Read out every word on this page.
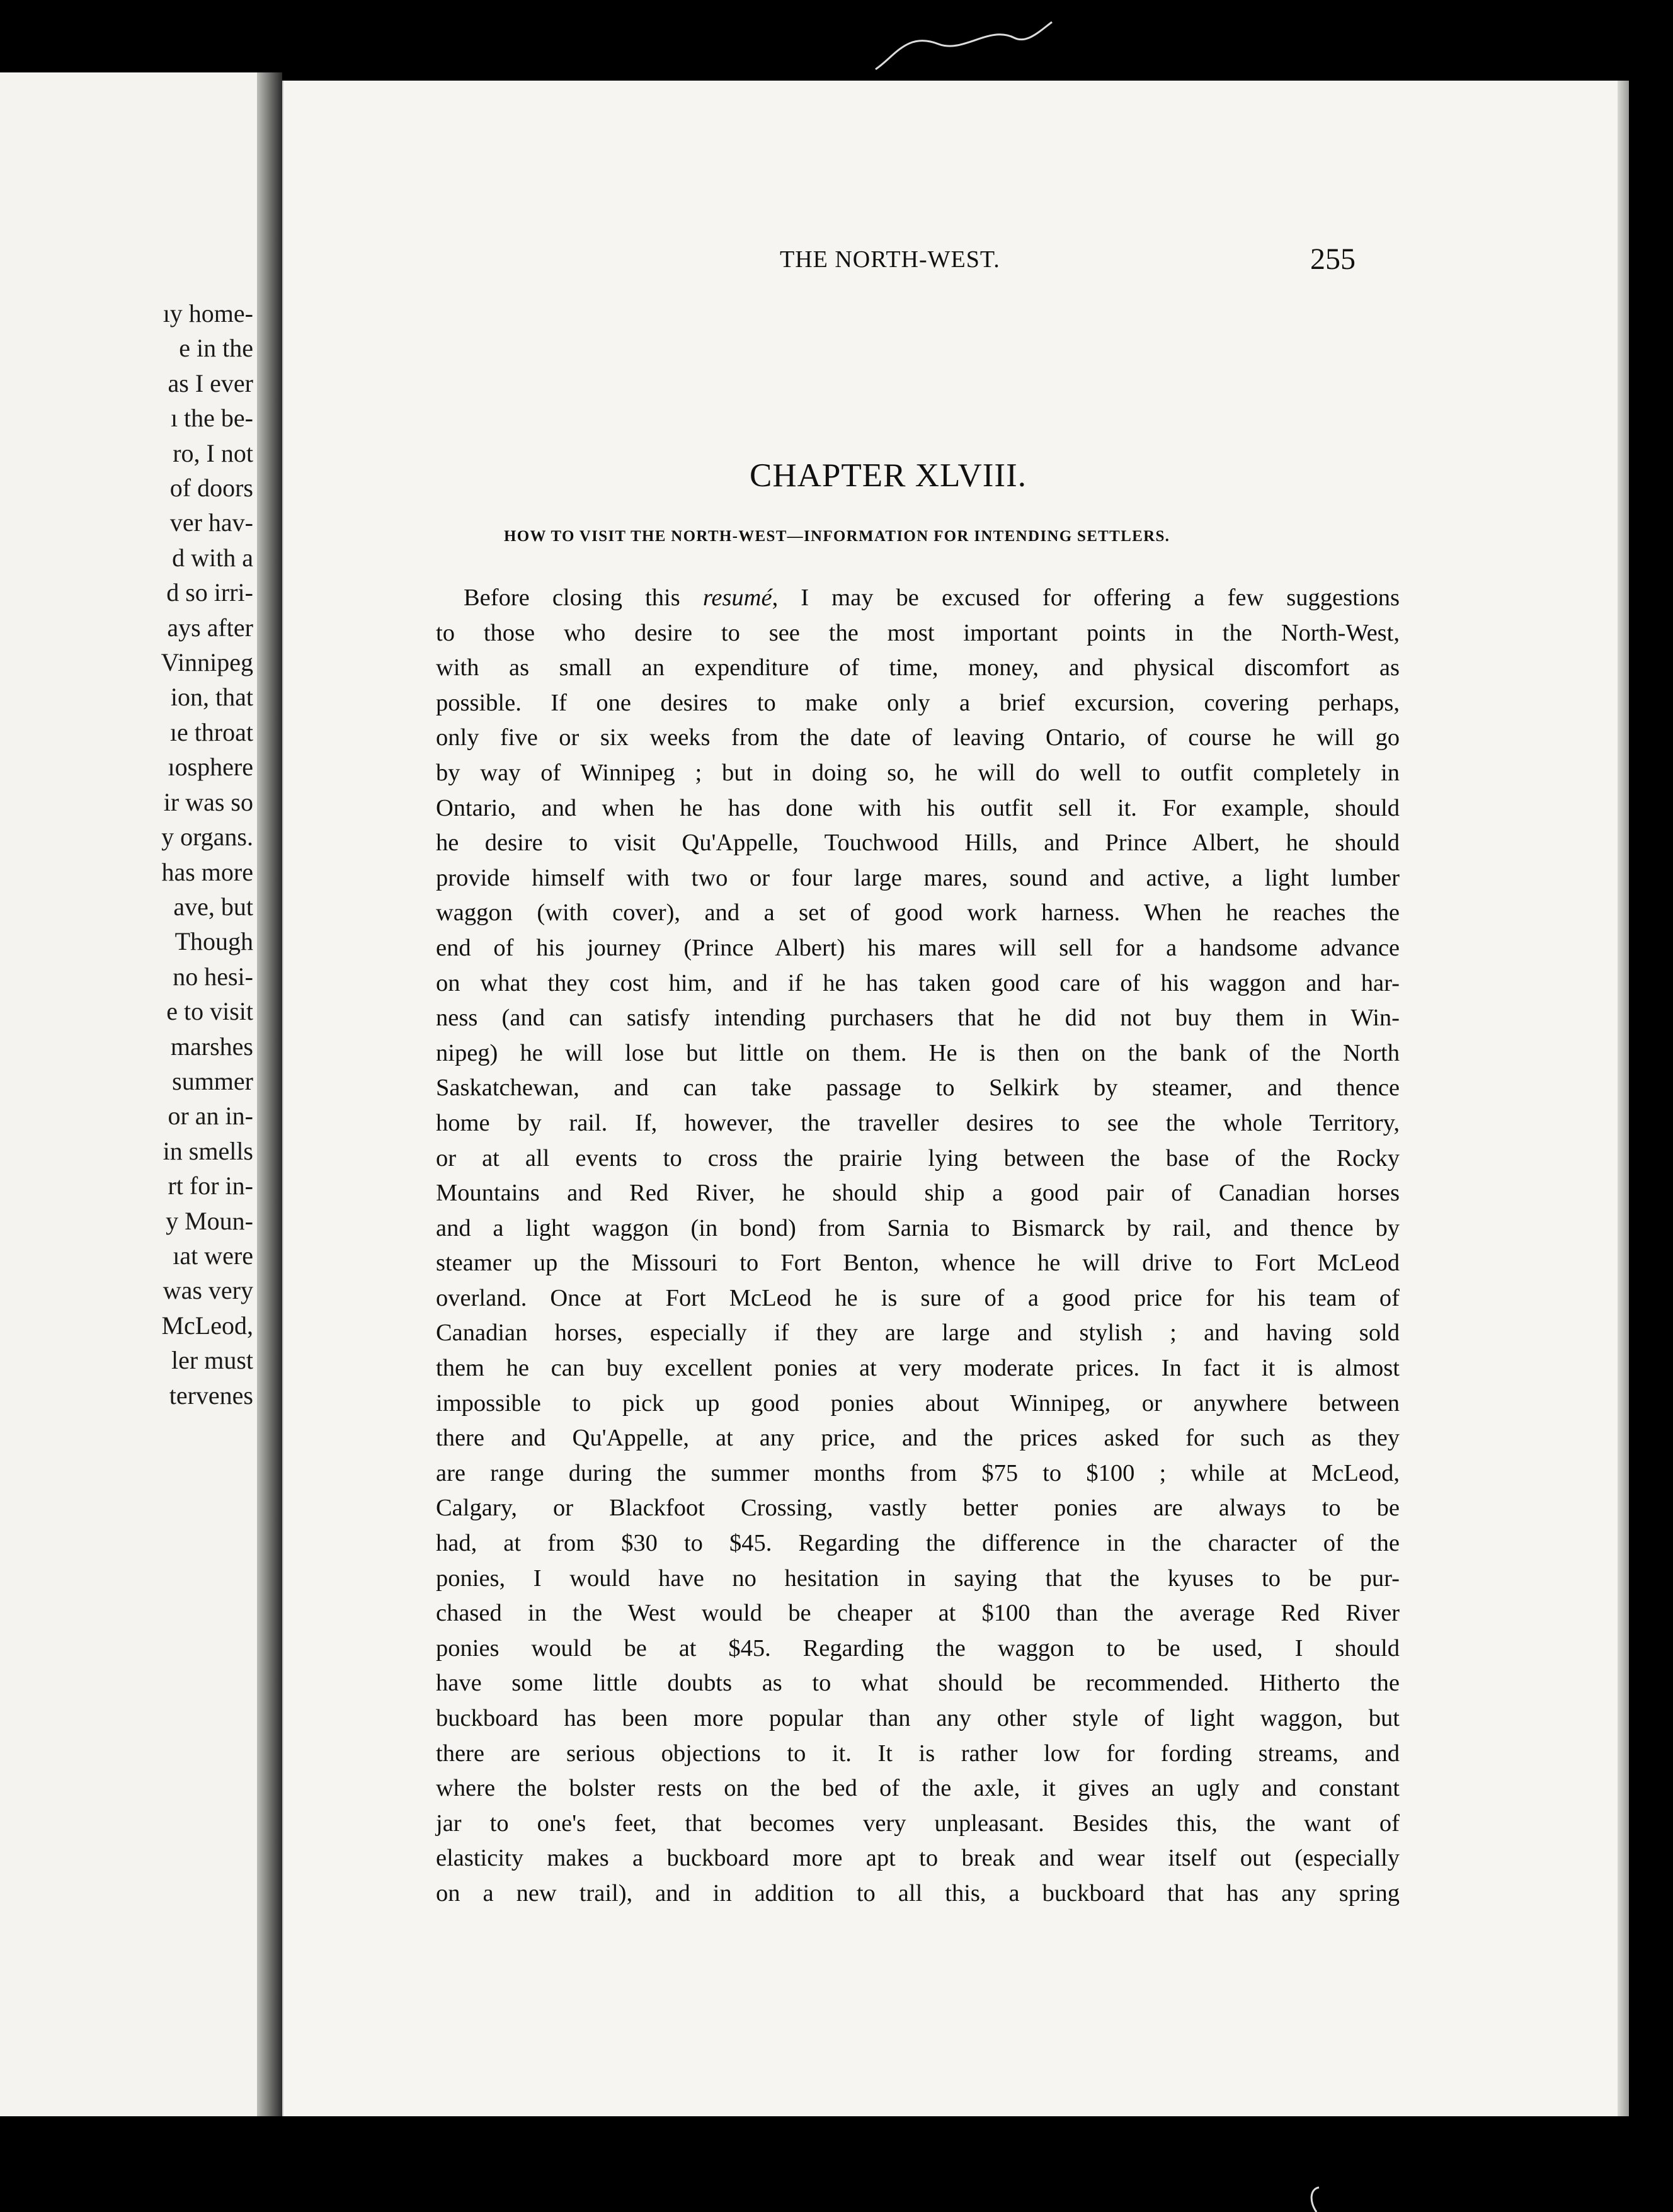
ıy home-
e in the
as I ever
ı the be-
ro, I not
of doors
ver hav-
d with a
d so irri-
ays after
Vinnipeg
ion, that
ıe throat
ıosphere
ir was so
y organs.
has more
ave, but
Though
no hesi-
e to visit
marshes
summer
or an in-
in smells
rt for in-
y Moun-
ıat were
was very
McLeod,
ler must
tervenes
THE NORTH-WEST.	255
CHAPTER XLVIII.
HOW TO VISIT THE NORTH-WEST—INFORMATION FOR INTENDING SETTLERS.
Before closing this resumé, I may be excused for offering a few suggestions
to those who desire to see the most important points in the North-West,
with as small an expenditure of time, money, and physical discomfort as
possible. If one desires to make only a brief excursion, covering perhaps,
only five or six weeks from the date of leaving Ontario, of course he will go
by way of Winnipeg ; but in doing so, he will do well to outfit completely in
Ontario, and when he has done with his outfit sell it. For example, should
he desire to visit Qu'Appelle, Touchwood Hills, and Prince Albert, he should
provide himself with two or four large mares, sound and active, a light lumber
waggon (with cover), and a set of good work harness. When he reaches the
end of his journey (Prince Albert) his mares will sell for a handsome advance
on what they cost him, and if he has taken good care of his waggon and har-
ness (and can satisfy intending purchasers that he did not buy them in Win-
nipeg) he will lose but little on them. He is then on the bank of the North
Saskatchewan, and can take passage to Selkirk by steamer, and thence
home by rail. If, however, the traveller desires to see the whole Territory,
or at all events to cross the prairie lying between the base of the Rocky
Mountains and Red River, he should ship a good pair of Canadian horses
and a light waggon (in bond) from Sarnia to Bismarck by rail, and thence by
steamer up the Missouri to Fort Benton, whence he will drive to Fort McLeod
overland. Once at Fort McLeod he is sure of a good price for his team of
Canadian horses, especially if they are large and stylish ; and having sold
them he can buy excellent ponies at very moderate prices. In fact it is almost
impossible to pick up good ponies about Winnipeg, or anywhere between
there and Qu'Appelle, at any price, and the prices asked for such as they
are range during the summer months from $75 to $100 ; while at McLeod,
Calgary, or Blackfoot Crossing, vastly better ponies are always to be
had, at from $30 to $45. Regarding the difference in the character of the
ponies, I would have no hesitation in saying that the kyuses to be pur-
chased in the West would be cheaper at $100 than the average Red River
ponies would be at $45. Regarding the waggon to be used, I should
have some little doubts as to what should be recommended. Hitherto the
buckboard has been more popular than any other style of light waggon, but
there are serious objections to it. It is rather low for fording streams, and
where the bolster rests on the bed of the axle, it gives an ugly and constant
jar to one's feet, that becomes very unpleasant. Besides this, the want of
elasticity makes a buckboard more apt to break and wear itself out (especially
on a new trail), and in addition to all this, a buckboard that has any spring
